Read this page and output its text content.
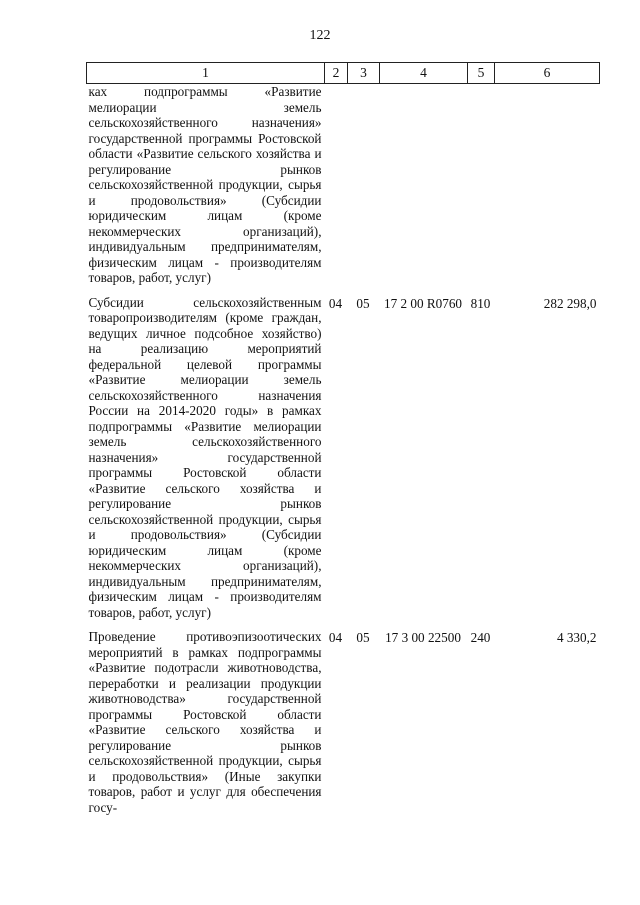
122
1	2	3	4	5	6
ках подпрограммы «Развитие мелиорации земель сельскохозяйственного назначения» государственной программы Ростовской области «Развитие сельского хозяйства и регулирование рынков сельскохозяйственной продукции, сырья и продовольствия» (Субсидии юридическим лицам (кроме некоммерческих организаций), индивидуальным предпринимателям, физическим лицам - производителям товаров, работ, услуг)					
Субсидии сельскохозяйственным товаропроизводителям (кроме граждан, ведущих личное подсобное хозяйство) на реализацию мероприятий федеральной целевой программы «Развитие мелиорации земель сельскохозяйственного назначения России на 2014-2020 годы» в рамках подпрограммы «Развитие мелиорации земель сельскохозяйственного назначения» государственной программы Ростовской области «Развитие сельского хозяйства и регулирование рынков сельскохозяйственной продукции, сырья и продовольствия» (Субсидии юридическим лицам (кроме некоммерческих организаций), индивидуальным предпринимателям, физическим лицам - производителям товаров, работ, услуг)	04	05	17 2 00 R0760	810	282 298,0
Проведение противоэпизоотических мероприятий в рамках подпрограммы «Развитие подотрасли животноводства, переработки и реализации продукции животноводства» государственной программы Ростовской области «Развитие сельского хозяйства и регулирование рынков сельскохозяйственной продукции, сырья и продовольствия» (Иные закупки товаров, работ и услуг для обеспечения госу-	04	05	17 3 00 22500	240	4 330,2
